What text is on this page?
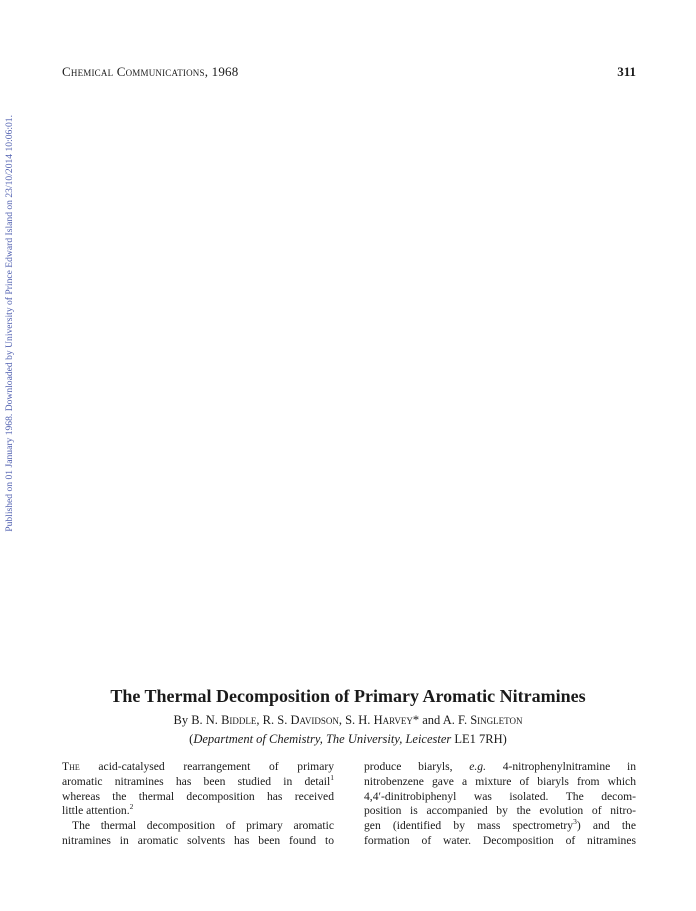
Chemical Communications, 1968	311
Published on 01 January 1968. Downloaded by University of Prince Edward Island on 23/10/2014 10:06:01.
The Thermal Decomposition of Primary Aromatic Nitramines
By B. N. Biddle, R. S. Davidson, S. H. Harvey* and A. F. Singleton
(Department of Chemistry, The University, Leicester LE1 7RH)
The acid-catalysed rearrangement of primary
aromatic nitramines has been studied in detail$^1$
whereas the thermal decomposition has received
little attention.$^2$
The thermal decomposition of primary aromatic
nitramines in aromatic solvents has been found to
produce biaryls, e.g. 4-nitrophenylnitramine in
nitrobenzene gave a mixture of biaryls from which
4,4′-dinitrobiphenyl was isolated. The decom-
position is accompanied by the evolution of nitro-
gen (identified by mass spectrometry$^3$) and the
formation of water. Decomposition of nitramines
